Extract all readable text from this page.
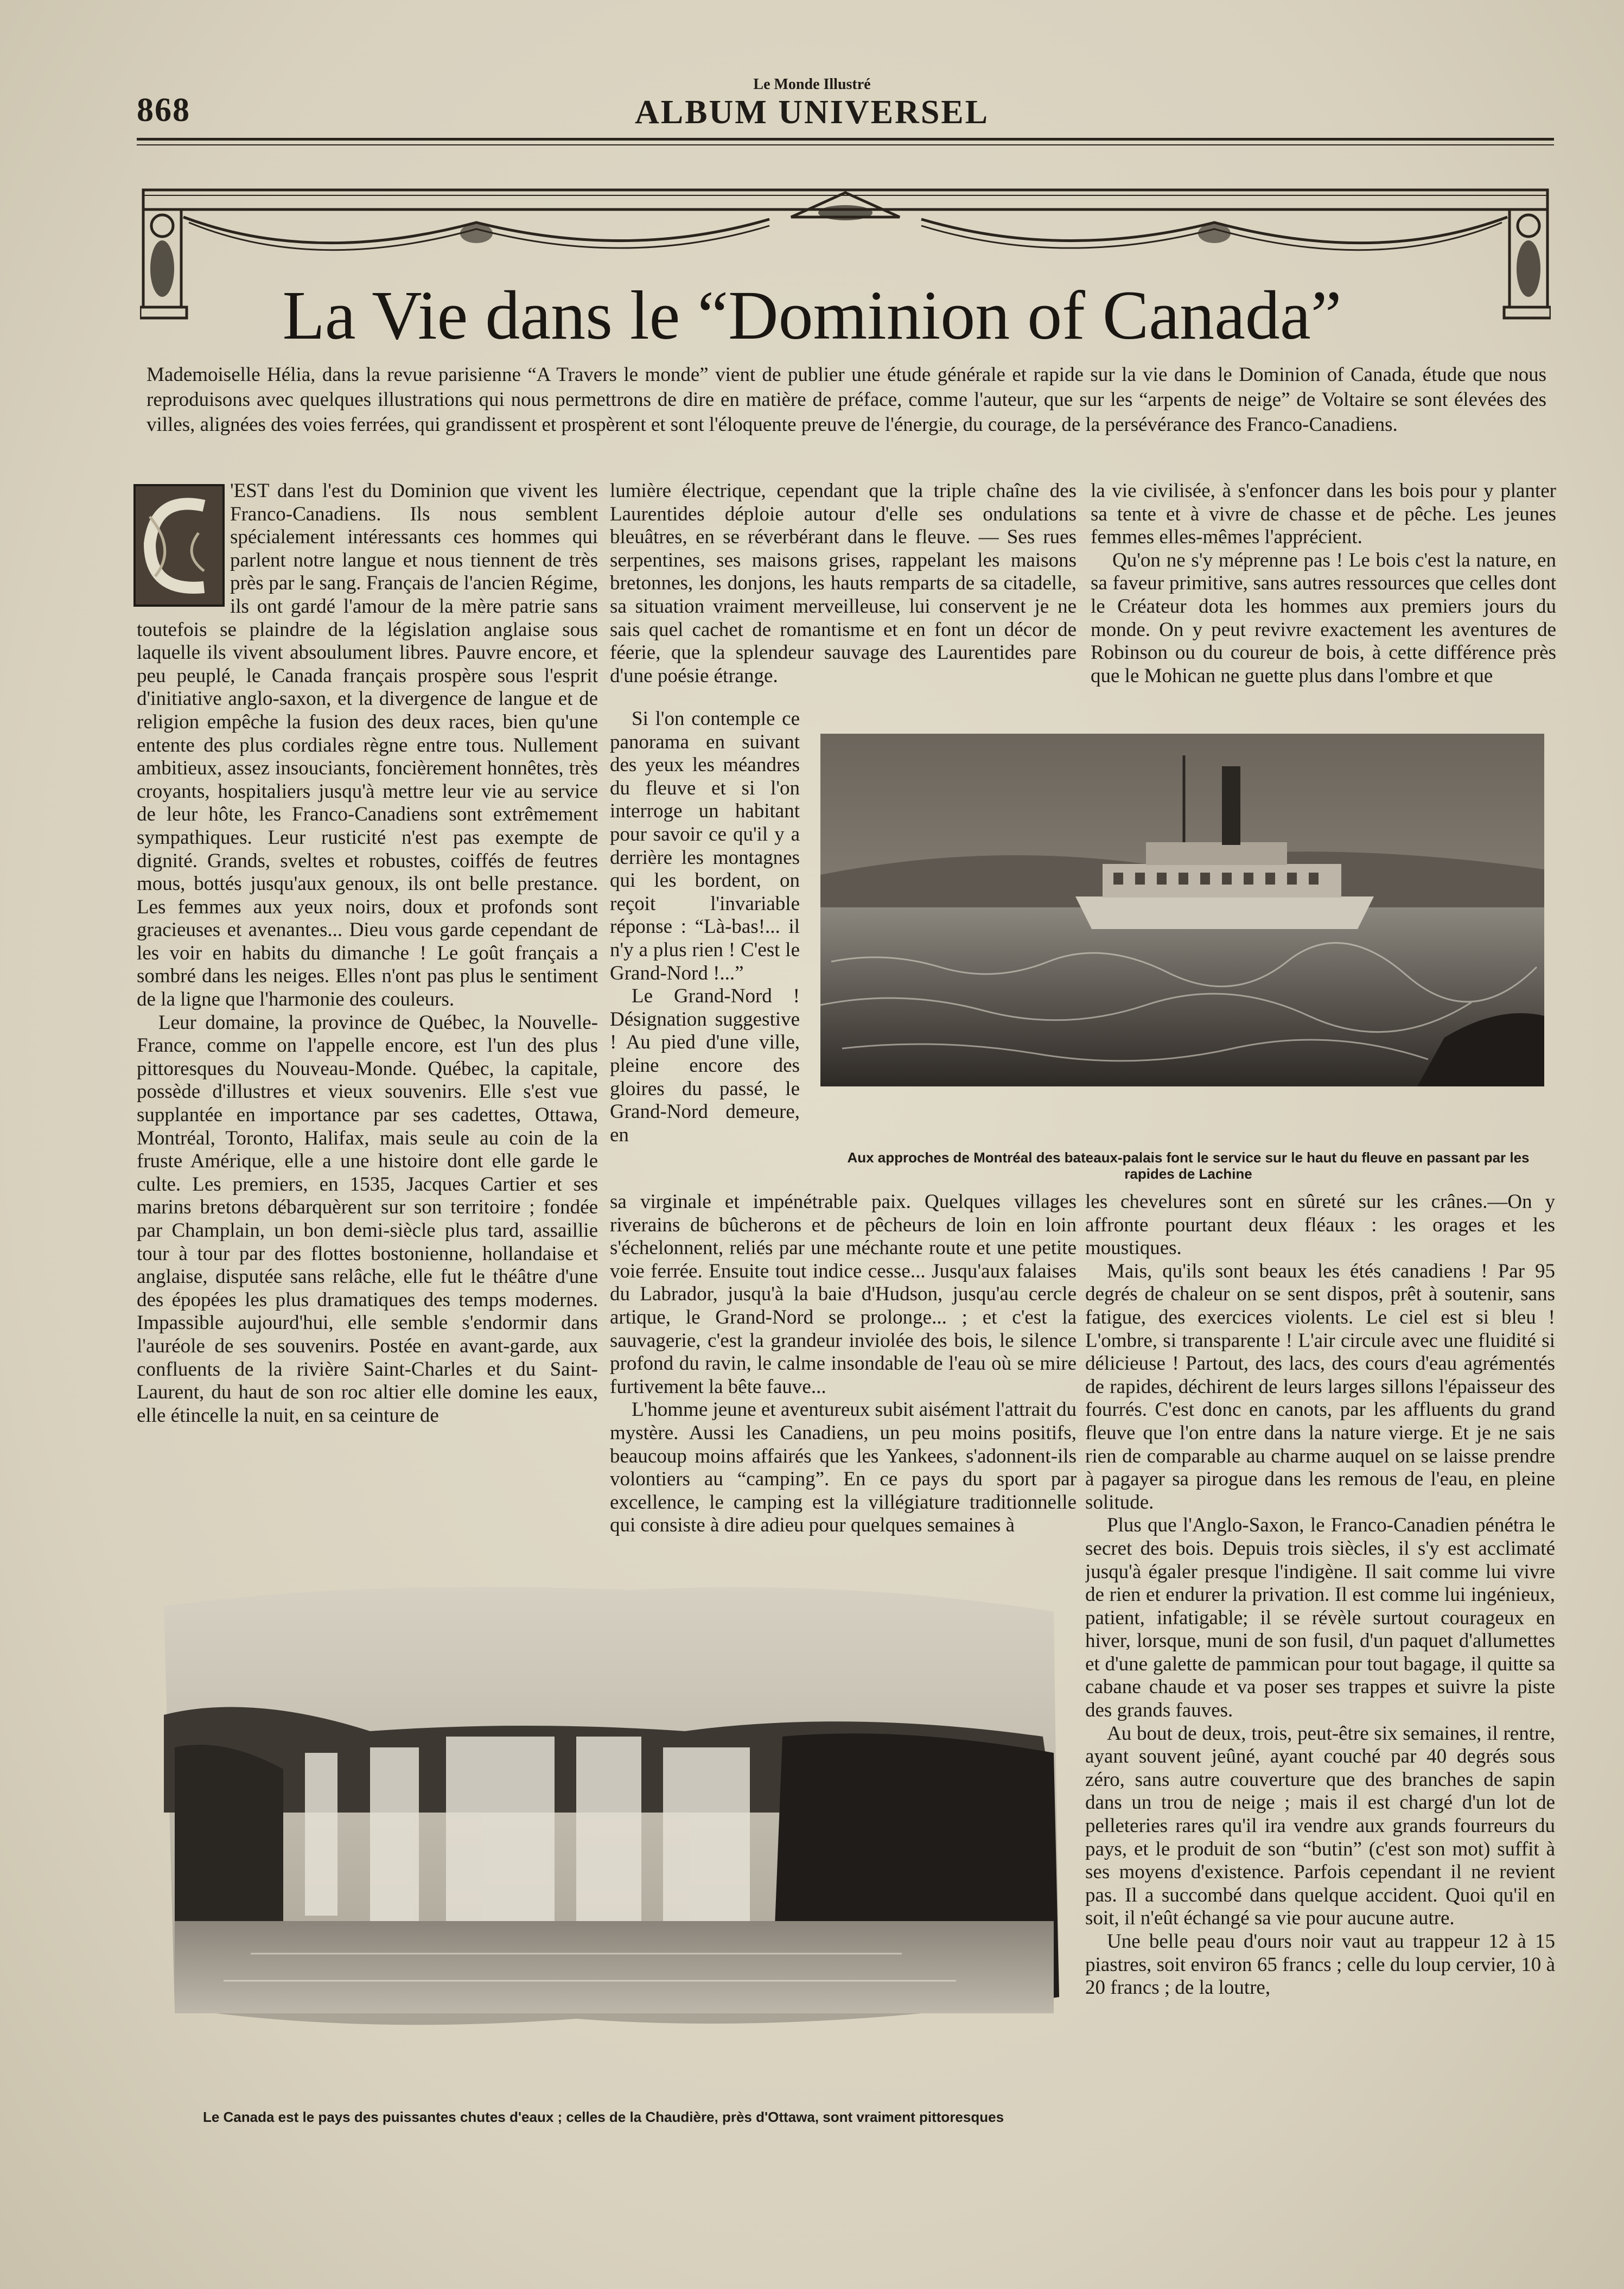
868
Le Monde Illustré
ALBUM UNIVERSEL
La Vie dans le “Dominion of Canada”
Mademoiselle Hélia, dans la revue parisienne “A Travers le monde” vient de publier une étude générale et rapide sur la vie dans le Dominion of Canada, étude que nous reproduisons avec quelques illustrations qui nous permettrons de dire en matière de préface, comme l'auteur, que sur les “arpents de neige” de Voltaire se sont élevées des villes, alignées des voies ferrées, qui grandissent et prospèrent et sont l'éloquente preuve de l'énergie, du courage, de la persévérance des Franco-Canadiens.

'EST dans l'est du Dominion que vivent les Franco-Canadiens. Ils nous semblent spécialement intéressants ces hommes qui parlent notre langue et nous tiennent de très près par le sang. Français de l'ancien Régime, ils ont gardé l'amour de la mère patrie sans toutefois se plaindre de la législation anglaise sous laquelle ils vivent absoulument libres. Pauvre encore, et peu peuplé, le Canada français prospère sous l'esprit d'initiative anglo-saxon, et la divergence de langue et de religion empêche la fusion des deux races, bien qu'une entente des plus cordiales règne entre tous. Nullement ambitieux, assez insouciants, foncièrement honnêtes, très croyants, hospitaliers jusqu'à mettre leur vie au service de leur hôte, les Franco-Canadiens sont extrêmement sympathiques. Leur rusticité n'est pas exempte de dignité. Grands, sveltes et robustes, coiffés de feutres mous, bottés jusqu'aux genoux, ils ont belle prestance. Les femmes aux yeux noirs, doux et profonds sont gracieuses et avenantes... Dieu vous garde cependant de les voir en habits du dimanche ! Le goût français a sombré dans les neiges. Elles n'ont pas plus le sentiment de la ligne que l'harmonie des couleurs.

Leur domaine, la province de Québec, la Nouvelle-France, comme on l'appelle encore, est l'un des plus pittoresques du Nouveau-Monde. Québec, la capitale, possède d'illustres et vieux souvenirs. Elle s'est vue supplantée en importance par ses cadettes, Ottawa, Montréal, Toronto, Halifax, mais seule au coin de la fruste Amérique, elle a une histoire dont elle garde le culte. Les premiers, en 1535, Jacques Cartier et ses marins bretons débarquèrent sur son territoire ; fondée par Champlain, un bon demi-siècle plus tard, assaillie tour à tour par des flottes bostonienne, hollandaise et anglaise, disputée sans relâche, elle fut le théâtre d'une des épopées les plus dramatiques des temps modernes. Impassible aujourd'hui, elle semble s'endormir dans l'auréole de ses souvenirs. Postée en avant-garde, aux confluents de la rivière Saint-Charles et du Saint-Laurent, du haut de son roc altier elle domine les eaux, elle étincelle la nuit, en sa ceinture de

lumière électrique, cependant que la triple chaîne des Laurentides déploie autour d'elle ses ondulations bleuâtres, en se réverbérant dans le fleuve. — Ses rues serpentines, ses maisons grises, rappelant les maisons bretonnes, les donjons, les hauts remparts de sa citadelle, sa situation vraiment merveilleuse, lui conservent je ne sais quel cachet de romantisme et en font un décor de féerie, que la splendeur sauvage des Laurentides pare d'une poésie étrange.

Si l'on contemple ce panorama en suivant des yeux les méandres du fleuve et si l'on interroge un habitant pour savoir ce qu'il y a derrière les montagnes qui les bordent, on reçoit l'invariable réponse : “Là-bas!... il n'y a plus rien ! C'est le Grand-Nord !...”

Le Grand-Nord ! Désignation suggestive ! Au pied d'une ville, pleine encore des gloires du passé, le Grand-Nord demeure, en

sa virginale et impénétrable paix. Quelques villages riverains de bûcherons et de pêcheurs de loin en loin s'échelonnent, reliés par une méchante route et une petite voie ferrée. Ensuite tout indice cesse... Jusqu'aux falaises du Labrador, jusqu'à la baie d'Hudson, jusqu'au cercle artique, le Grand-Nord se prolonge... ; et c'est la sauvagerie, c'est la grandeur inviolée des bois, le silence profond du ravin, le calme insondable de l'eau où se mire furtivement la bête fauve...

L'homme jeune et aventureux subit aisément l'attrait du mystère. Aussi les Canadiens, un peu moins positifs, beaucoup moins affairés que les Yankees, s'adonnent-ils volontiers au “camping”. En ce pays du sport par excellence, le camping est la villégiature traditionnelle qui consiste à dire adieu pour quelques semaines à

la vie civilisée, à s'enfoncer dans les bois pour y planter sa tente et à vivre de chasse et de pêche. Les jeunes femmes elles-mêmes l'apprécient.

Qu'on ne s'y méprenne pas ! Le bois c'est la nature, en sa faveur primitive, sans autres ressources que celles dont le Créateur dota les hommes aux premiers jours du monde. On y peut revivre exactement les aventures de Robinson ou du coureur de bois, à cette différence près que le Mohican ne guette plus dans l'ombre et que

les chevelures sont en sûreté sur les crânes.—On y affronte pourtant deux fléaux : les orages et les moustiques.

Mais, qu'ils sont beaux les étés canadiens ! Par 95 degrés de chaleur on se sent dispos, prêt à soutenir, sans fatigue, des exercices violents. Le ciel est si bleu ! L'ombre, si transparente ! L'air circule avec une fluidité si délicieuse ! Partout, des lacs, des cours d'eau agrémentés de rapides, déchirent de leurs larges sillons l'épaisseur des fourrés. C'est donc en canots, par les affluents du grand fleuve que l'on entre dans la nature vierge. Et je ne sais rien de comparable au charme auquel on se laisse prendre à pagayer sa pirogue dans les remous de l'eau, en pleine solitude.

Plus que l'Anglo-Saxon, le Franco-Canadien pénétra le secret des bois. Depuis trois siècles, il s'y est acclimaté jusqu'à égaler presque l'indigène. Il sait comme lui vivre de rien et endurer la privation. Il est comme lui ingénieux, patient, infatigable; il se révèle surtout courageux en hiver, lorsque, muni de son fusil, d'un paquet d'allumettes et d'une galette de pammican pour tout bagage, il quitte sa cabane chaude et va poser ses trappes et suivre la piste des grands fauves.

Au bout de deux, trois, peut-être six semaines, il rentre, ayant souvent jeûné, ayant couché par 40 degrés sous zéro, sans autre couverture que des branches de sapin dans un trou de neige ; mais il est chargé d'un lot de pelleteries rares qu'il ira vendre aux grands fourreurs du pays, et le produit de son “butin” (c'est son mot) suffit à ses moyens d'existence. Parfois cependant il ne revient pas. Il a succombé dans quelque accident. Quoi qu'il en soit, il n'eût échangé sa vie pour aucune autre.

Une belle peau d'ours noir vaut au trappeur 12 à 15 piastres, soit environ 65 francs ; celle du loup cervier, 10 à 20 francs ; de la loutre,

Aux approches de Montréal des bateaux-palais font le service sur le haut du fleuve en passant par les rapides de Lachine
Le Canada est le pays des puissantes chutes d'eaux ; celles de la Chaudière, près d'Ottawa, sont vraiment pittoresques
